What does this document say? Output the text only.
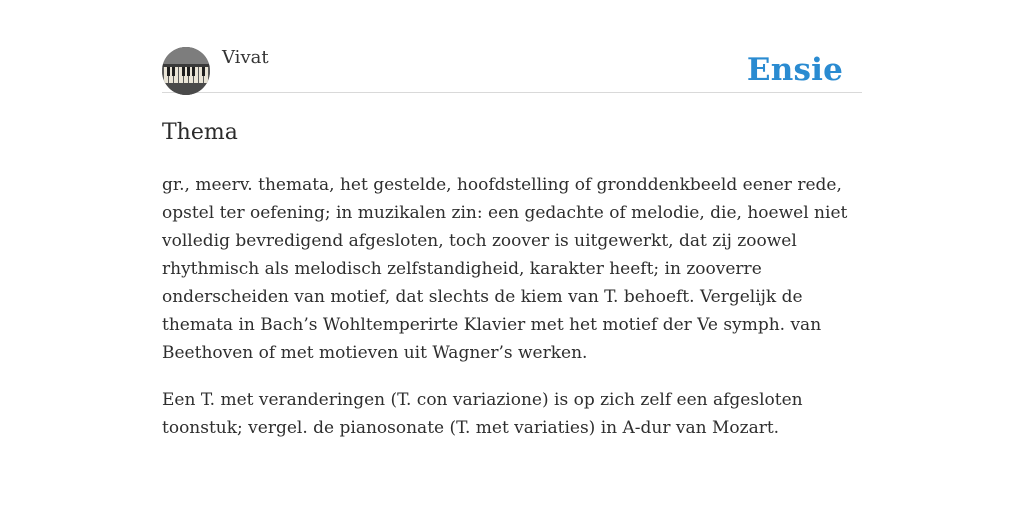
Vivat	Ensie
Thema

gr., meerv. themata, het gestelde, hoofdstelling of gronddenkbeeld eener rede, opstel ter oefening; in muzikalen zin: een gedachte of melodie, die, hoewel niet volledig bevredigend afgesloten, toch zoover is uitgewerkt, dat zij zoowel rhythmisch als melodisch zelfstandigheid, karakter heeft; in zooverre onderscheiden van motief, dat slechts de kiem van T. behoeft. Vergelijk de themata in Bach’s Wohltemperirte Klavier met het motief der Ve symph. van Beethoven of met motieven uit Wagner’s werken.

Een T. met veranderingen (T. con variazione) is op zich zelf een afgesloten toonstuk; vergel. de pianosonate (T. met variaties) in A-dur van Mozart.
